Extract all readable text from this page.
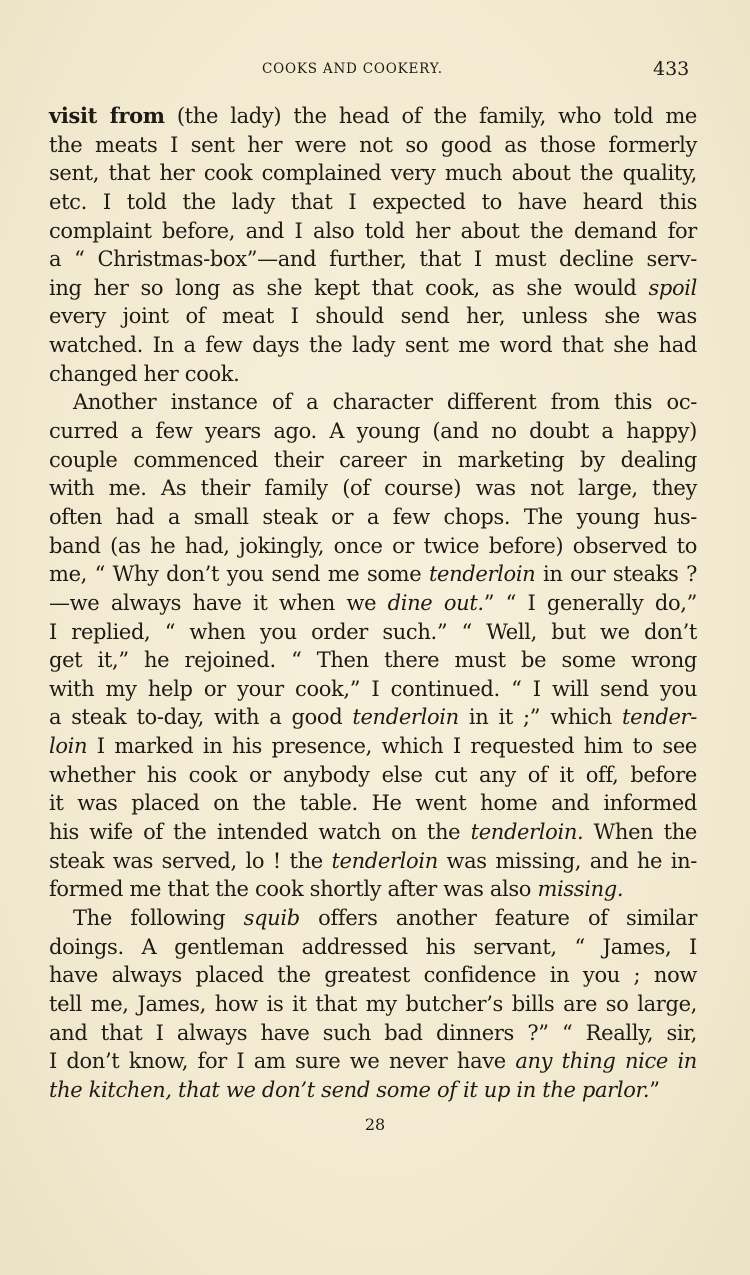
COOKS AND COOKERY.	433
visit from (the lady) the head of the family, who told me
the meats I sent her were not so good as those formerly
sent, that her cook complained very much about the quality,
etc. I told the lady that I expected to have heard this
complaint before, and I also told her about the demand for
a “ Christmas-box”—and further, that I must decline serv-
ing her so long as she kept that cook, as she would spoil
every joint of meat I should send her, unless she was
watched. In a few days the lady sent me word that she had
changed her cook.
Another instance of a character different from this oc-
curred a few years ago. A young (and no doubt a happy)
couple commenced their career in marketing by dealing
with me. As their family (of course) was not large, they
often had a small steak or a few chops. The young hus-
band (as he had, jokingly, once or twice before) observed to
me, “ Why don’t you send me some tenderloin in our steaks ?
—we always have it when we dine out.” “ I generally do,”
I replied, “ when you order such.” “ Well, but we don’t
get it,” he rejoined. “ Then there must be some wrong
with my help or your cook,” I continued. “ I will send you
a steak to-day, with a good tenderloin in it ;” which tender-
loin I marked in his presence, which I requested him to see
whether his cook or anybody else cut any of it off, before
it was placed on the table. He went home and informed
his wife of the intended watch on the tenderloin. When the
steak was served, lo ! the tenderloin was missing, and he in-
formed me that the cook shortly after was also missing.
The following squib offers another feature of similar
doings. A gentleman addressed his servant, “ James, I
have always placed the greatest confidence in you ; now
tell me, James, how is it that my butcher’s bills are so large,
and that I always have such bad dinners ?” “ Really, sir,
I don’t know, for I am sure we never have any thing nice in
the kitchen, that we don’t send some of it up in the parlor.”
28
